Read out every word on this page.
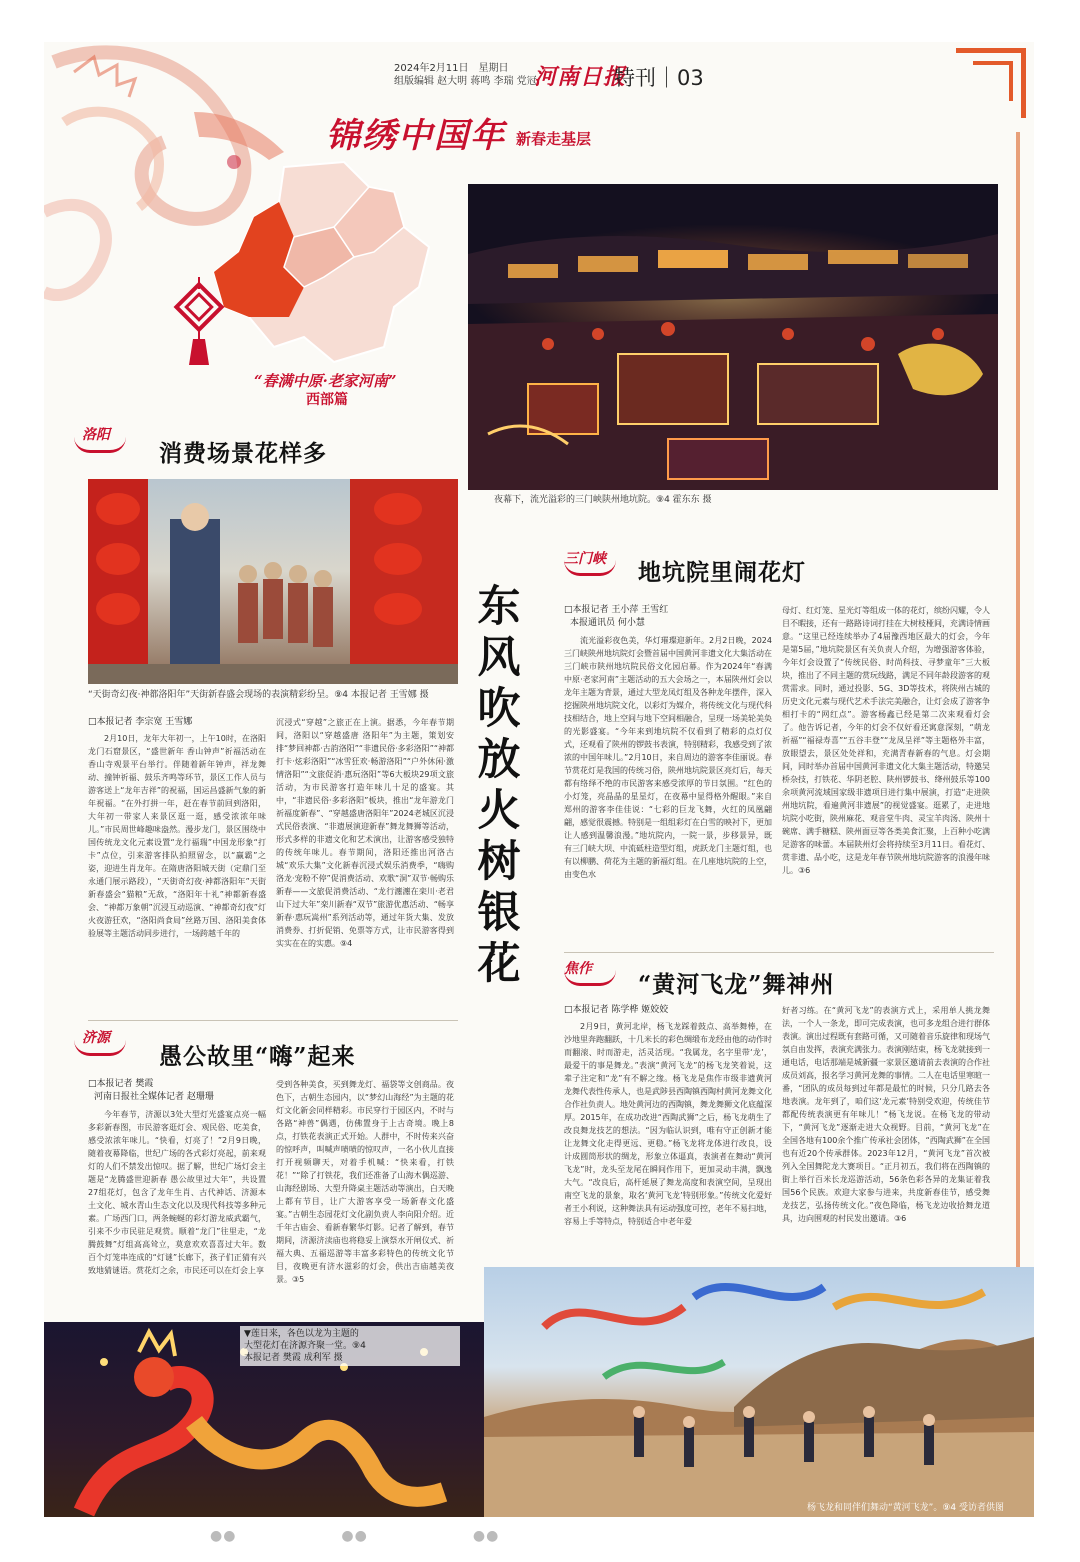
2024年2月11日　星期日
组版编辑 赵大明 蒋鸣 李瑞 党冠
河南日报
特刊｜03
锦绣中国年 新春走基层
“春满中原·老家河南”
西部篇
夜幕下，流光溢彩的三门峡陕州地坑院。⑨4 霍东东 摄
洛阳
消费场景花样多
“天街奇幻夜·神都洛阳年”天街新春盛会现场的表演精彩纷呈。⑨4 本报记者 王雪娜 摄
□本报记者 李宗宽 王雪娜
2月10日，龙年大年初一，上午10时，在洛阳龙门石窟景区，“盛世新年 香山钟声”祈福活动在香山寺观景平台举行。伴随着新年钟声，祥龙舞动、撞钟祈福、鼓乐齐鸣等环节，景区工作人员与游客送上“龙年吉祥”的祝福，国运昌盛新气象的新年祝福。“在外打拼一年，赶在春节前回到洛阳，大年初一带家人来景区逛一逛，感受浓浓年味儿。”市民周世峰趣味盎然。漫步龙门，景区围绕中国传统龙文化元素设置“龙行福瑞”中国龙形象“打卡”点位，引来游客排队拍照留念，以“赢霸”之姿，迎进生肖龙年。在隋唐洛阳城天街（定鼎门至永通门展示路段），“天街奇幻夜·神都洛阳年”天街新春盛会“猫粮”无敌，“洛阳年十礼”神都新春盛会、“神都万象朝”沉浸互动巡演、“神都奇幻夜”灯火夜游狂欢，“洛阳尚食局”丝路万国、洛阳美食体验展等主题活动同步进行，一场跨越千年的
沉浸式“穿越”之旅正在上演。据悉，今年春节期间，洛阳以“穿越盛唐 洛阳年”为主题，策划安排“梦回神都·古韵洛阳”“非遗民俗·多彩洛阳”“神都打卡·炫彩洛阳”“冰雪狂欢·畅游洛阳”“户外休闲·激情洛阳”“文旅促消·惠玩洛阳”等6大板块29项文旅活动，为市民游客打造年味儿十足的盛宴。其中，“非遗民俗·多彩洛阳”板块，推出“龙年游龙门 祈福度新春”、“穿越盛唐洛阳年”2024老城区沉浸式民俗表演、“非遗展演迎新春”舞龙舞狮等活动，形式多样的非遗文化和艺术演出，让游客感受独特的传统年味儿。春节期间，洛阳还推出河洛古城“欢乐大集”文化新春沉浸式娱乐消费季，“嗨购洛龙·宠粉不停”促消费活动、欢歌“洞”双节·畅购乐新春——文旅促消费活动、“龙行瀍瀍在栾川·老君山下过大年”栾川新春“双节”旅游优惠活动、“畅享新春·惠玩嵩州”系列活动等，通过年货大集、发放消费券、打折促销、免票等方式，让市民游客得到实实在在的实惠。⑨4
济源
愚公故里“嗨”起来
□本报记者 樊霞
河南日报社全媒体记者 赵珊珊
今年春节，济源以3处大型灯光盛宴点亮一幅多彩新春图，市民游客逛灯会、观民俗、吃美食，感受浓浓年味儿。“快看，灯亮了！”2月9日晚，随着夜幕降临，世纪广场的各式彩灯亮起，前来观灯的人们不禁发出惊叹。据了解，世纪广场灯会主题是“龙腾盛世迎新春 愚公故里过大年”，共设置27组花灯，包含了龙年生肖、古代神话、济源本土文化、城水青山生态文化以及现代科技等多种元素。广场西门口，两条蜿蜒的彩灯游龙威武霸气，引来不少市民驻足观赏。顺着“龙门”往里走，“龙腾鼓舞”灯组高高耸立，莫意欢欢喜喜过大年。数百个灯笼串连成的“灯谜”长廊下，孩子们正猜有兴致地猜谜语。赏花灯之余，市民还可以在灯会上享
受到各种美食，买到舞龙灯、福袋等文创商品。夜色下，古朝生态园内，以“梦幻山海经”为主题的花灯文化新会同样精彩。市民穿行于园区内，不时与各路“神兽”偶遇，仿佛置身于上古奇境。晚上8点，打铁花表演正式开始。人群中，不时传来兴奋的惊呼声，叫喊声啧啧的惊叹声，一名小伙儿直接打开视频聊天，对着手机喊：“快来看，打铁花！”“除了打铁花，我们还准备了山海木偶巡游、山海经剧场、大型升降桌主题活动等演出，白天晚上都有节目，让广大游客享受一场新春文化盛宴。”古朝生态园花灯文化副负责人李向阳介绍。近千年古庙会、看新春繁华灯影。记者了解到，春节期间，济源济渎庙也将稳妥上演祭水开闸仪式、祈福大典、五福巡游等丰富多彩特色的传统文化节目，夜晚更有济水滋彩的灯会，供出吉庙越美夜景。③5
▼莲日来，各色以龙为主题的
大型花灯在济源齐聚一堂。⑨4
本报记者 樊霞 成利军 摄
东风吹放　火树银花
三门峡 地坑院里闹花灯
□本报记者 王小萍 王雪红
本报通讯员 何小慧
流光溢彩夜色美，华灯璀璨迎新年。2月2日晚，2024三门峡陕州地坑院灯会暨首届中国黄河非遗文化大集活动在三门峡市陕州地坑院民俗文化园启幕。作为2024年“春满中原·老家河南”主题活动的五大会场之一，本届陕州灯会以龙年主题为背景，通过大型龙凤灯组及各种龙年摆件，深入挖掘陕州地坑院文化，以彩灯为媒介，将传统文化与现代科技相结合，地上空间与地下空间相融合，呈现一场美轮美奂的光影盛宴。“今年来到地坑院不仅看到了精彩的点灯仪式，还观看了陕州的锣鼓书表演，特别精彩，我感受到了浓浓的中国年味儿。”2月10日，来自周边的游客李佳丽说。春节赏花灯是我国的传统习俗，陕州地坑院景区亮灯后，每天都有络绎不绝的市民游客来感受浓厚的节日氛围。“红色的小灯笼，亮晶晶的星星灯，在夜幕中显得格外醒眼。”来自郑州的游客李佳佳说：“七彩的巨龙飞舞，火红的凤凰翩翩，感觉很震撼。特别是一组组彩灯在白雪的映衬下，更加让人感到温馨浪漫。”地坑院内，一院一景，步移景异，既有三门峡大坝、中流砥柱造型灯组，虎跃龙门主题灯组，也有以柳鹏、荷花为主题的新福灯组。在几座地坑院的上空，由变色水
母灯、红灯笼、星光灯等组成一体的花灯，缤纷闪耀，令人目不暇接，还有一路路诗词打挂在大树枝桠间，充满诗情画意。“这里已经连续举办了4届豫西地区最大的灯会，今年是第5届，”地坑院景区有关负责人介绍，为增强游客体验，今年灯会设置了“传统民俗、时尚科技、寻梦童年”三大板块，推出了不同主题的赏玩线路，满足不同年龄段游客的观赏需求。同时，通过投影、5G、3D等技术，将陕州古城的历史文化元素与现代艺术手法完美融合，让灯会成了游客争相打卡的“网红点”。游客杨鑫已经是第二次来观看灯会了。他告诉记者，今年的灯会不仅好看还寓意深刻，“萌龙祈福”“福禄寿喜”“五谷丰登”“龙凤呈祥”等主题格外丰富，放眼望去，景区处处祥和，充满青春新春的气息。灯会期间，同时举办首届中国黄河非遗文化大集主题活动，特邀吴桥杂技，打铁花、华阴老腔、陕州锣鼓书、绛州鼓乐等100余项黄河流域国家级非遗项目进行集中展演，打造“走进陕州地坑院，看遍黄河非遗展”的视觉盛宴。逛累了，走进地坑院小吃街，陕州麻花、观音堂牛肉、灵宝羊肉汤、陕州十碗席、满手糖糕、陕州面豆等各类美食汇聚，上百种小吃满足游客的味蕾。本届陕州灯会将持续至3月11日。看花灯、赏非遗、品小吃，这是龙年春节陕州地坑院游客的浪漫年味儿。③6
焦作
“黄河飞龙”舞神州
□本报记者 陈学桦 姬姣姣
2月9日，黄河北岸，杨飞龙踩着鼓点、高举舞棒，在沙地里奔跑翻跃，十几米长的彩色绸缎布龙经由他的动作时而翻滚、时而游走，活灵活现。“我属龙，名字里带‘龙’，最爱干的事是舞龙。”表演“黄河飞龙”的杨飞龙笑着说，这辈子注定和“龙”有不解之缘。杨飞龙是焦作市级非遗黄河龙舞代表性传承人，也是武陟县西陶镇西陶村黄河龙舞文化合作社负责人。地处黄河边的西陶镇，舞龙舞狮文化底蕴深厚。2015年，在成功改进“西陶武狮”之后，杨飞龙萌生了改良舞龙技艺的想法。“因为临认识到，唯有守正创新才能让龙舞文化走得更远、更稳。”杨飞龙将龙体进行改良，设计成圆筒形状的绸龙，形象立体逼真，表演者在舞动“黄河飞龙”时，龙头至龙尾在瞬间作用下，更加灵动丰满，飘逸大气。“改良后，高杆延展了舞龙高度和表演空间，呈现出南空飞龙的景象，取名‘黄河飞龙’特别形象。”传统文化爱好者王小利说，这种舞法具有运动强度可控，老年不易扫地，容易上手等特点，特别适合中老年爱
好者习练。在“黄河飞龙”的表演方式上，采用单人挑龙舞法，一个人一条龙，即可完成表演，也可多龙组合进行群体表演。演出过程既有套路可循，又可随着音乐旋律和现场气氛自由发挥，表演充满张力。表演刚结束，杨飞龙就接到一通电话，电话那端是城新疆一家景区邀请前去表演的合作社成员刘高，报名学习黄河龙舞的事情。二人在电话里寒暄一番，“团队的成员每到过年都是最忙的时候，只分几路去各地表演。龙年到了，咱们这‘龙元素’特别受欢迎，传统佳节都配传统表演更有年味儿！”杨飞龙说。在杨飞龙的带动下，“黄河飞龙”逐渐走进大众视野。目前，“黄河飞龙”在全国各地有100余个推广传承社会团体，“西陶武狮”在全国也有近20个传承群体。2023年12月，“黄河飞龙”首次被列入全国舞陀龙大赛项目。“正月初五，我们将在西陶镇的街上举行百米长龙巡游活动，56条色彩各异的龙集证着我国56个民族。欢迎大家参与进来，共度新春佳节，感受舞龙技艺，弘扬传统文化。”夜色降临，杨飞龙边收拾舞龙道具，边向围观的村民发出邀请。③6
杨飞龙和同伴们舞动“黄河飞龙”。⑨4 受访者供图
●●　　　　　　　●●　　　　　　　●●
